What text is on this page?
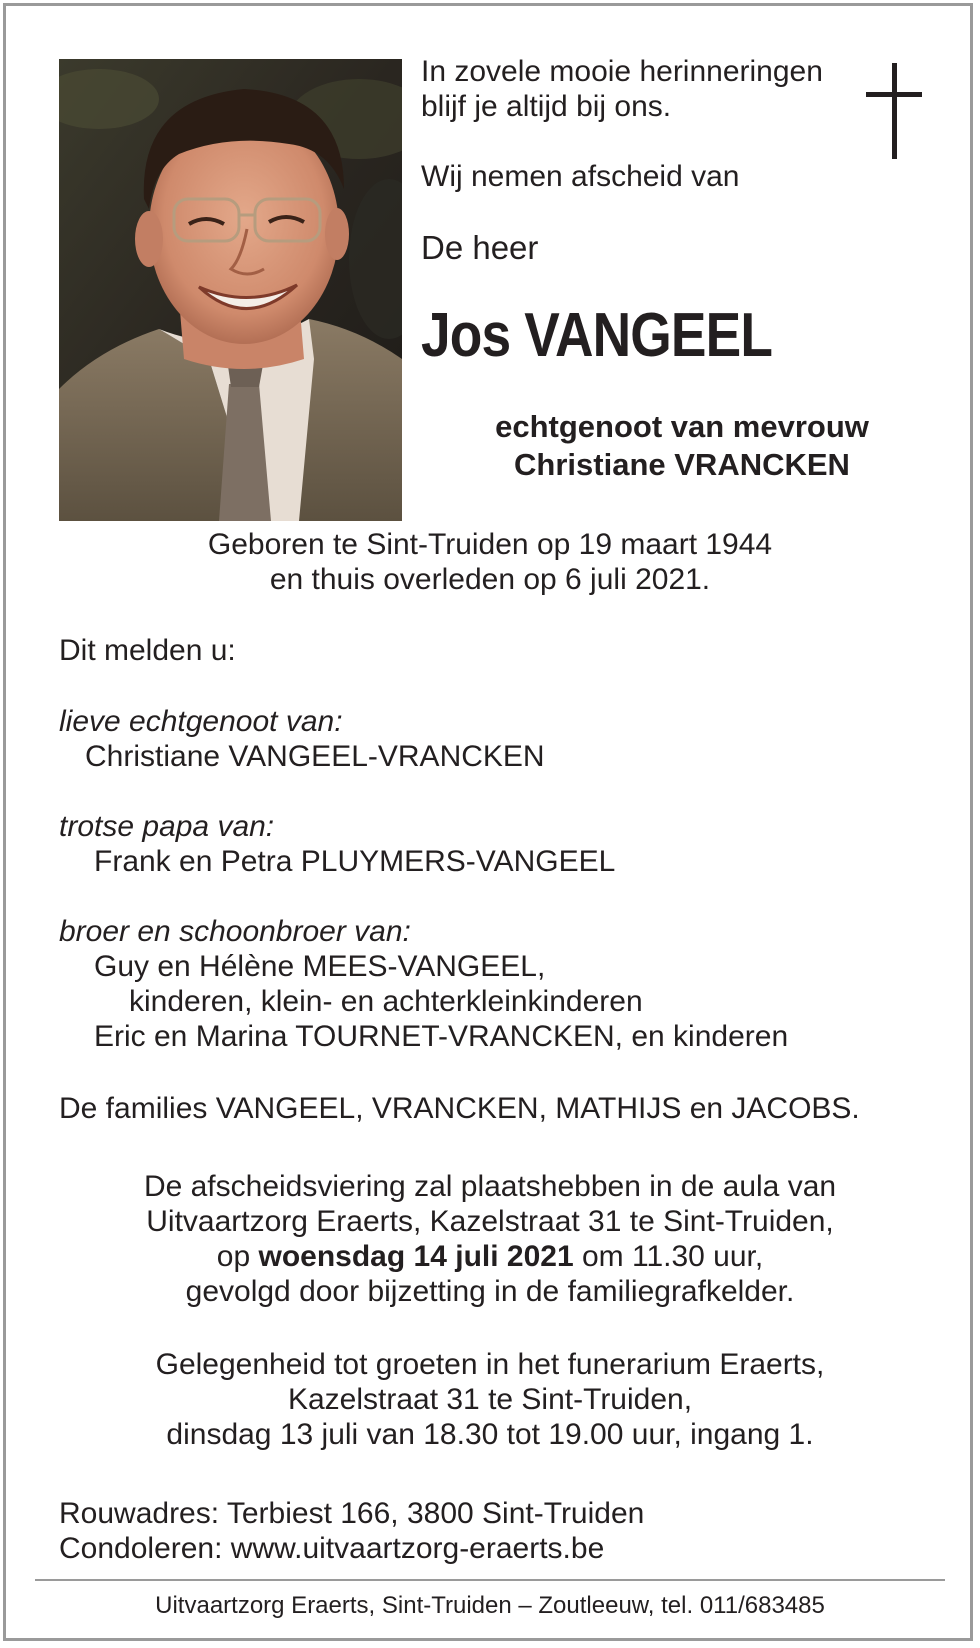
In zovele mooie herinneringen
blijf je altijd bij ons.
Wij nemen afscheid van
De heer
Jos VANGEEL
echtgenoot van mevrouw
Christiane VRANCKEN
Geboren te Sint-Truiden op 19 maart 1944
en thuis overleden op 6 juli 2021.
Dit melden u:
lieve echtgenoot van:
Christiane VANGEEL-VRANCKEN
trotse papa van:
Frank en Petra PLUYMERS-VANGEEL
broer en schoonbroer van:
Guy en Hélène MEES-VANGEEL,
kinderen, klein- en achterkleinkinderen
Eric en Marina TOURNET-VRANCKEN, en kinderen
De families VANGEEL, VRANCKEN, MATHIJS en JACOBS.
De afscheidsviering zal plaatshebben in de aula van
Uitvaartzorg Eraerts, Kazelstraat 31 te Sint-Truiden,
op woensdag 14 juli 2021 om 11.30 uur,
gevolgd door bijzetting in de familiegrafkelder.
Gelegenheid tot groeten in het funerarium Eraerts,
Kazelstraat 31 te Sint-Truiden,
dinsdag 13 juli van 18.30 tot 19.00 uur, ingang 1.
Rouwadres: Terbiest 166, 3800 Sint-Truiden
Condoleren: www.uitvaartzorg-eraerts.be
Uitvaartzorg Eraerts, Sint-Truiden – Zoutleeuw, tel. 011/683485
